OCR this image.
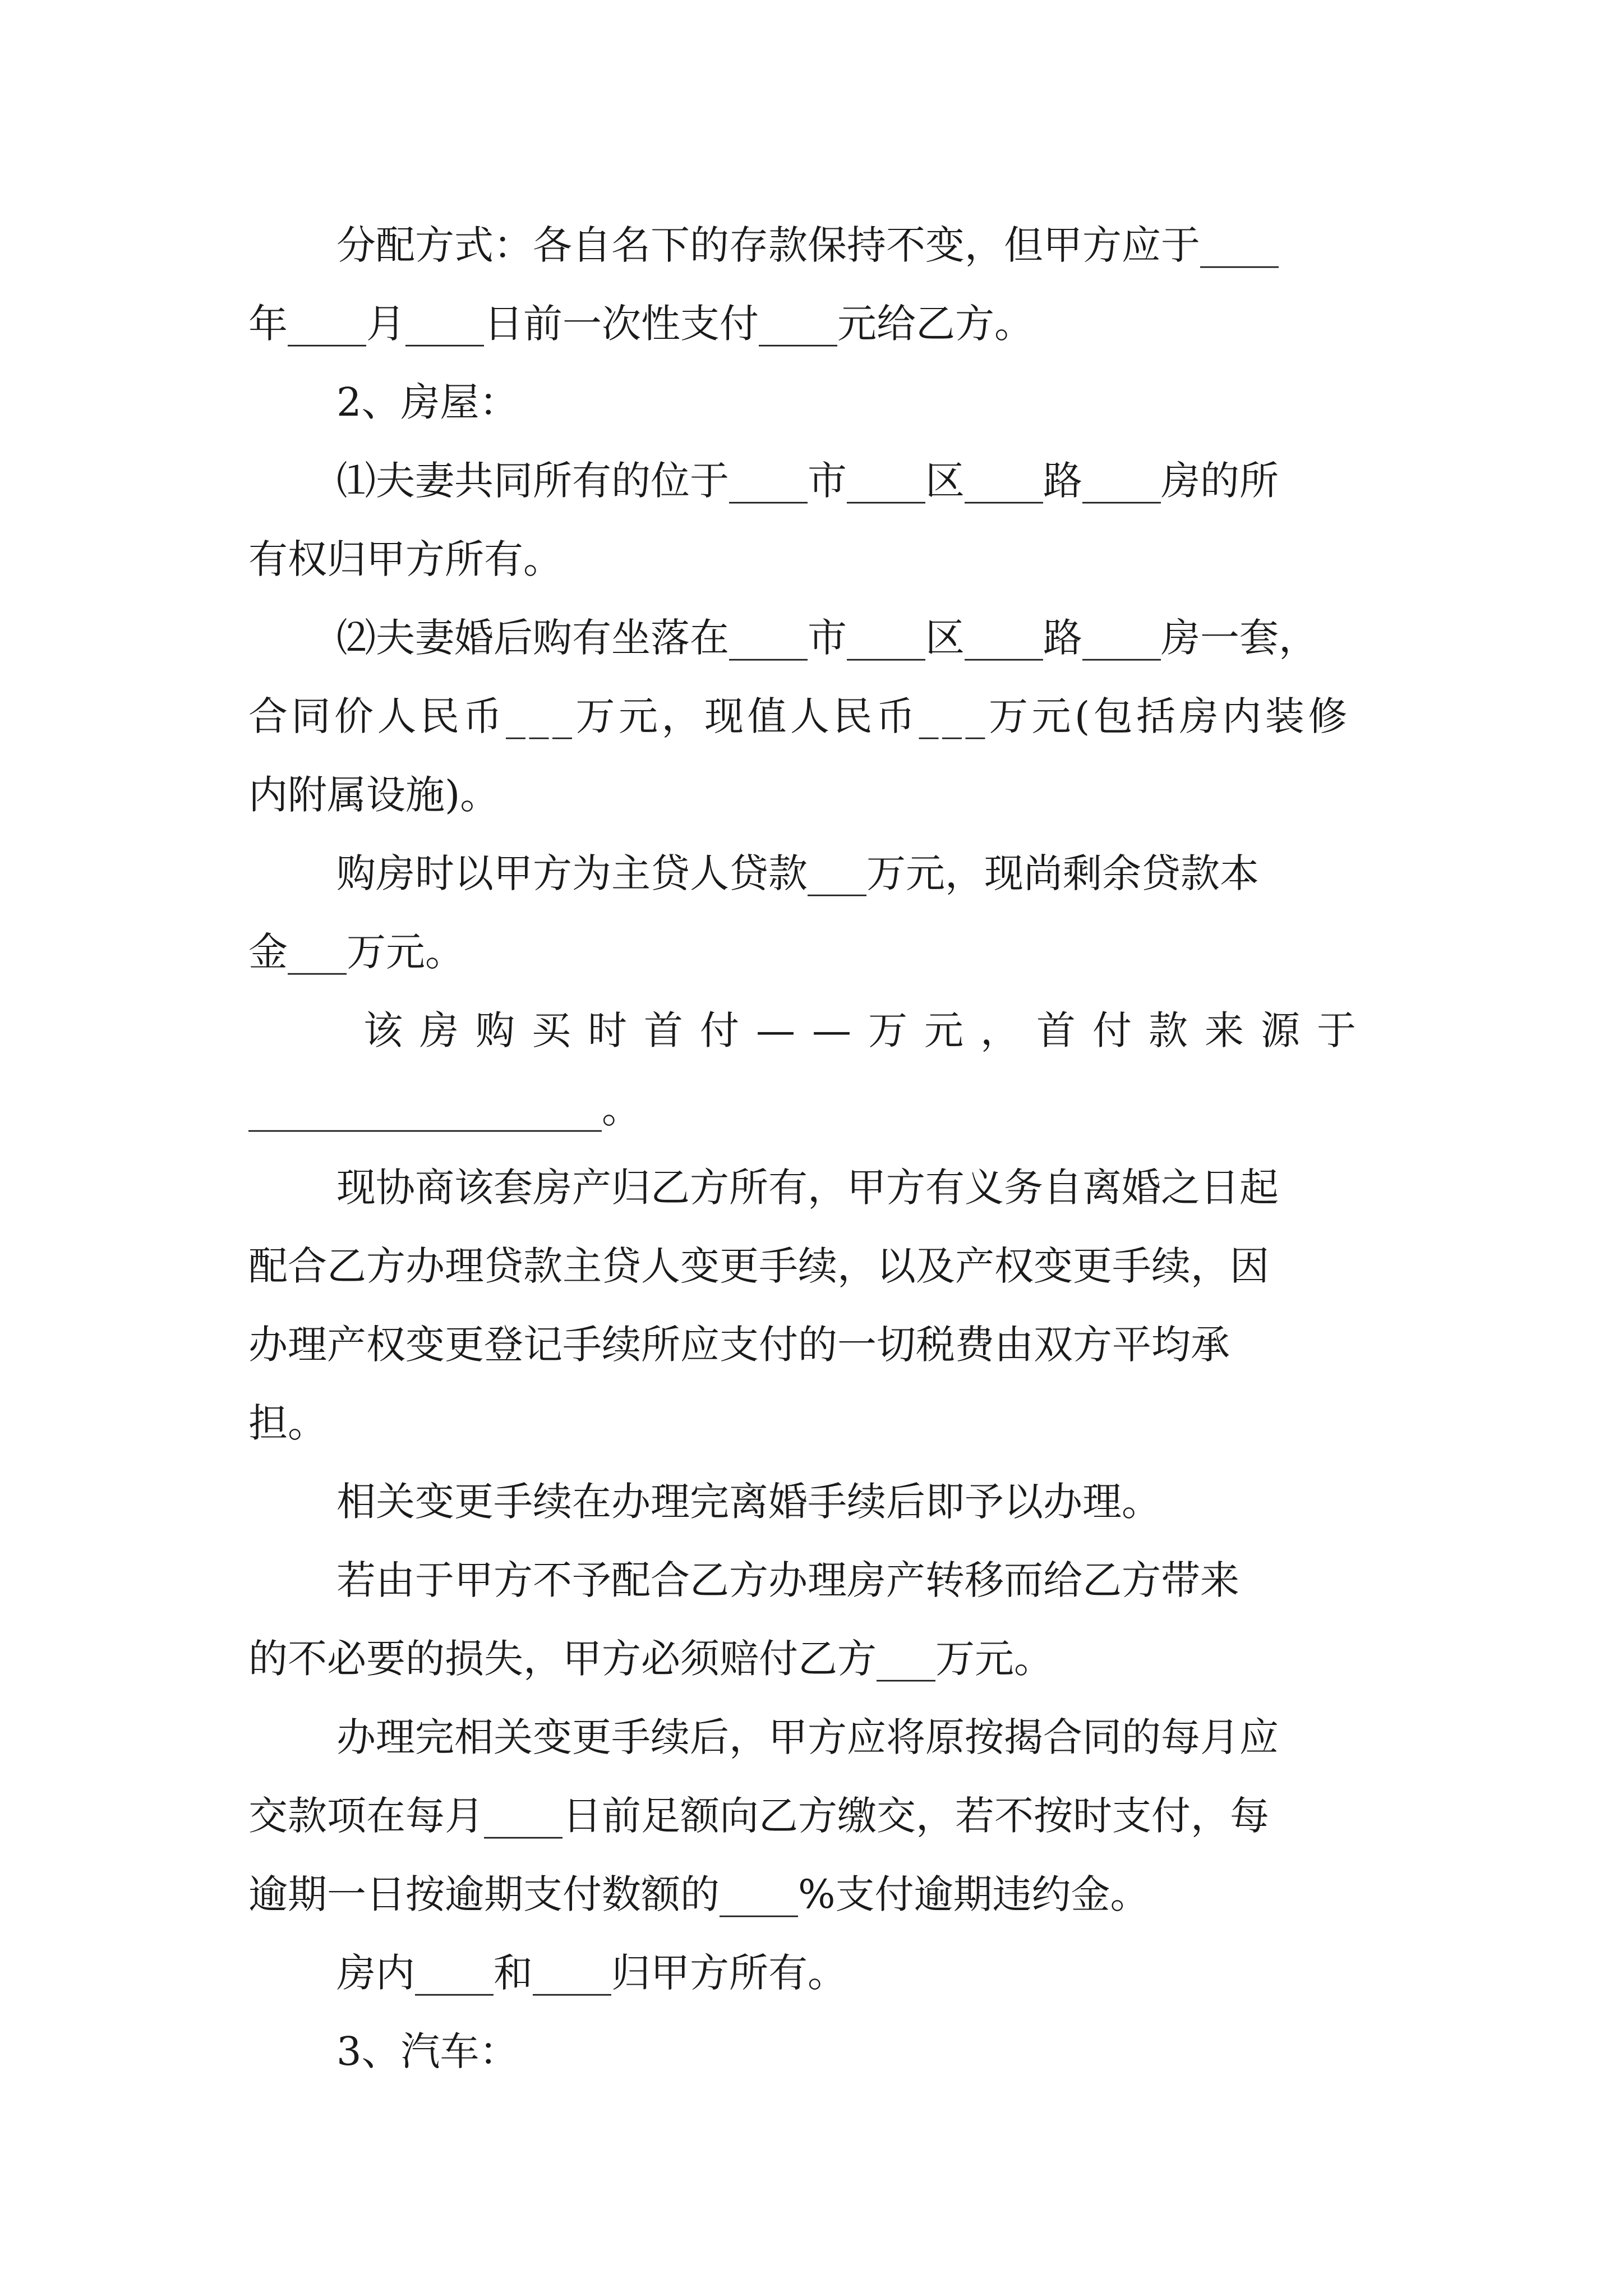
分配方式：各自名下的存款保持不变，但甲方应于____
年____月____日前一次性支付____元给乙方。
2、房屋：
⑴夫妻共同所有的位于____市____区____路____房的所
有权归甲方所有。
⑵夫妻婚后购有坐落在____市____区____路____房一套，
合同价人民币___万元，现值人民币___万元(包括房内装修
内附属设施)。
购房时以甲方为主贷人贷款___万元，现尚剩余贷款本
金___万元。
该房购买时首付——万元，首付款来源于
__________________。
现协商该套房产归乙方所有，甲方有义务自离婚之日起
配合乙方办理贷款主贷人变更手续，以及产权变更手续，因
办理产权变更登记手续所应支付的一切税费由双方平均承
担。
相关变更手续在办理完离婚手续后即予以办理。
若由于甲方不予配合乙方办理房产转移而给乙方带来
的不必要的损失，甲方必须赔付乙方___万元。
办理完相关变更手续后，甲方应将原按揭合同的每月应
交款项在每月____日前足额向乙方缴交，若不按时支付，每
逾期一日按逾期支付数额的____%支付逾期违约金。
房内____和____归甲方所有。
3、汽车：
